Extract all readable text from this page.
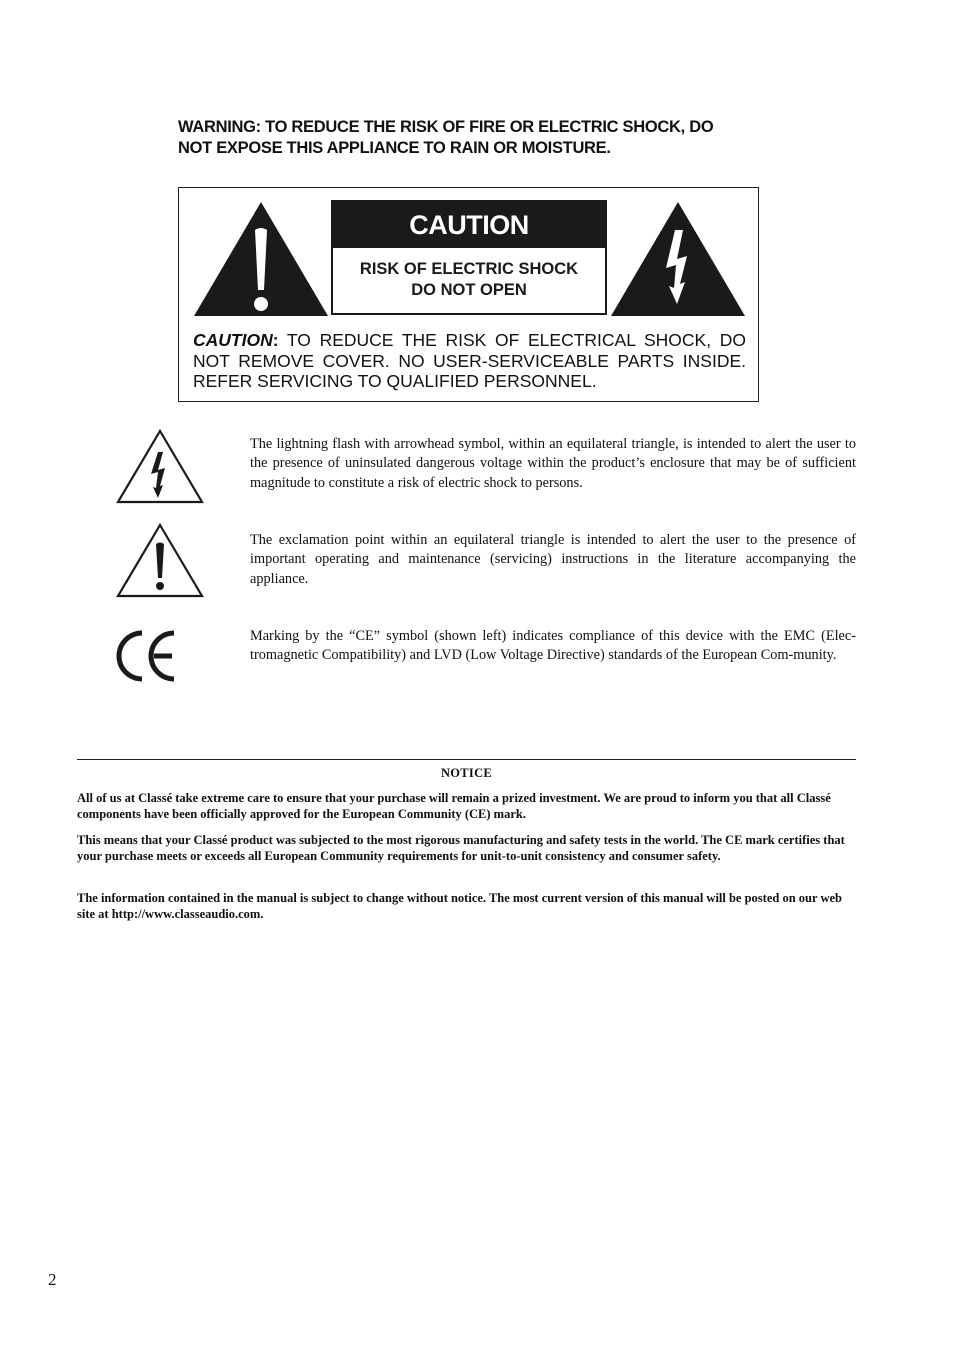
WARNING: TO REDUCE THE RISK OF FIRE OR ELECTRIC SHOCK, DO
NOT EXPOSE THIS APPLIANCE TO RAIN OR MOISTURE.
CAUTION
RISK OF ELECTRIC SHOCK
DO NOT OPEN
CAUTION: TO REDUCE THE RISK OF ELECTRICAL SHOCK, DO NOT REMOVE COVER. NO USER-SERVICEABLE PARTS INSIDE. REFER SERVICING TO QUALIFIED PERSONNEL.
The lightning flash with arrowhead symbol, within an equilateral triangle, is intended to alert the user to the presence of uninsulated dangerous voltage within the product’s enclosure that may be of sufficient magnitude to constitute a risk of electric shock to persons.
The exclamation point within an equilateral triangle is intended to alert the user to the presence of important operating and maintenance (servicing) instructions in the literature accompanying the appliance.
Marking by the “CE” symbol (shown left) indicates compliance of this device with the EMC (Elec-tromagnetic Compatibility) and LVD (Low Voltage Directive) standards of the European Com-munity.
NOTICE
All of us at Classé take extreme care to ensure that your purchase will remain a prized investment. We are proud to inform you that all Classé components have been officially approved for the European Community (CE) mark.
This means that your Classé product was subjected to the most rigorous manufacturing and safety tests in the world. The CE mark certifies that your purchase meets or exceeds all European Community requirements for unit-to-unit consistency and consumer safety.
The information contained in the manual is subject to change without notice. The most current version of this manual will be posted on our web site at http://www.classeaudio.com.
2
